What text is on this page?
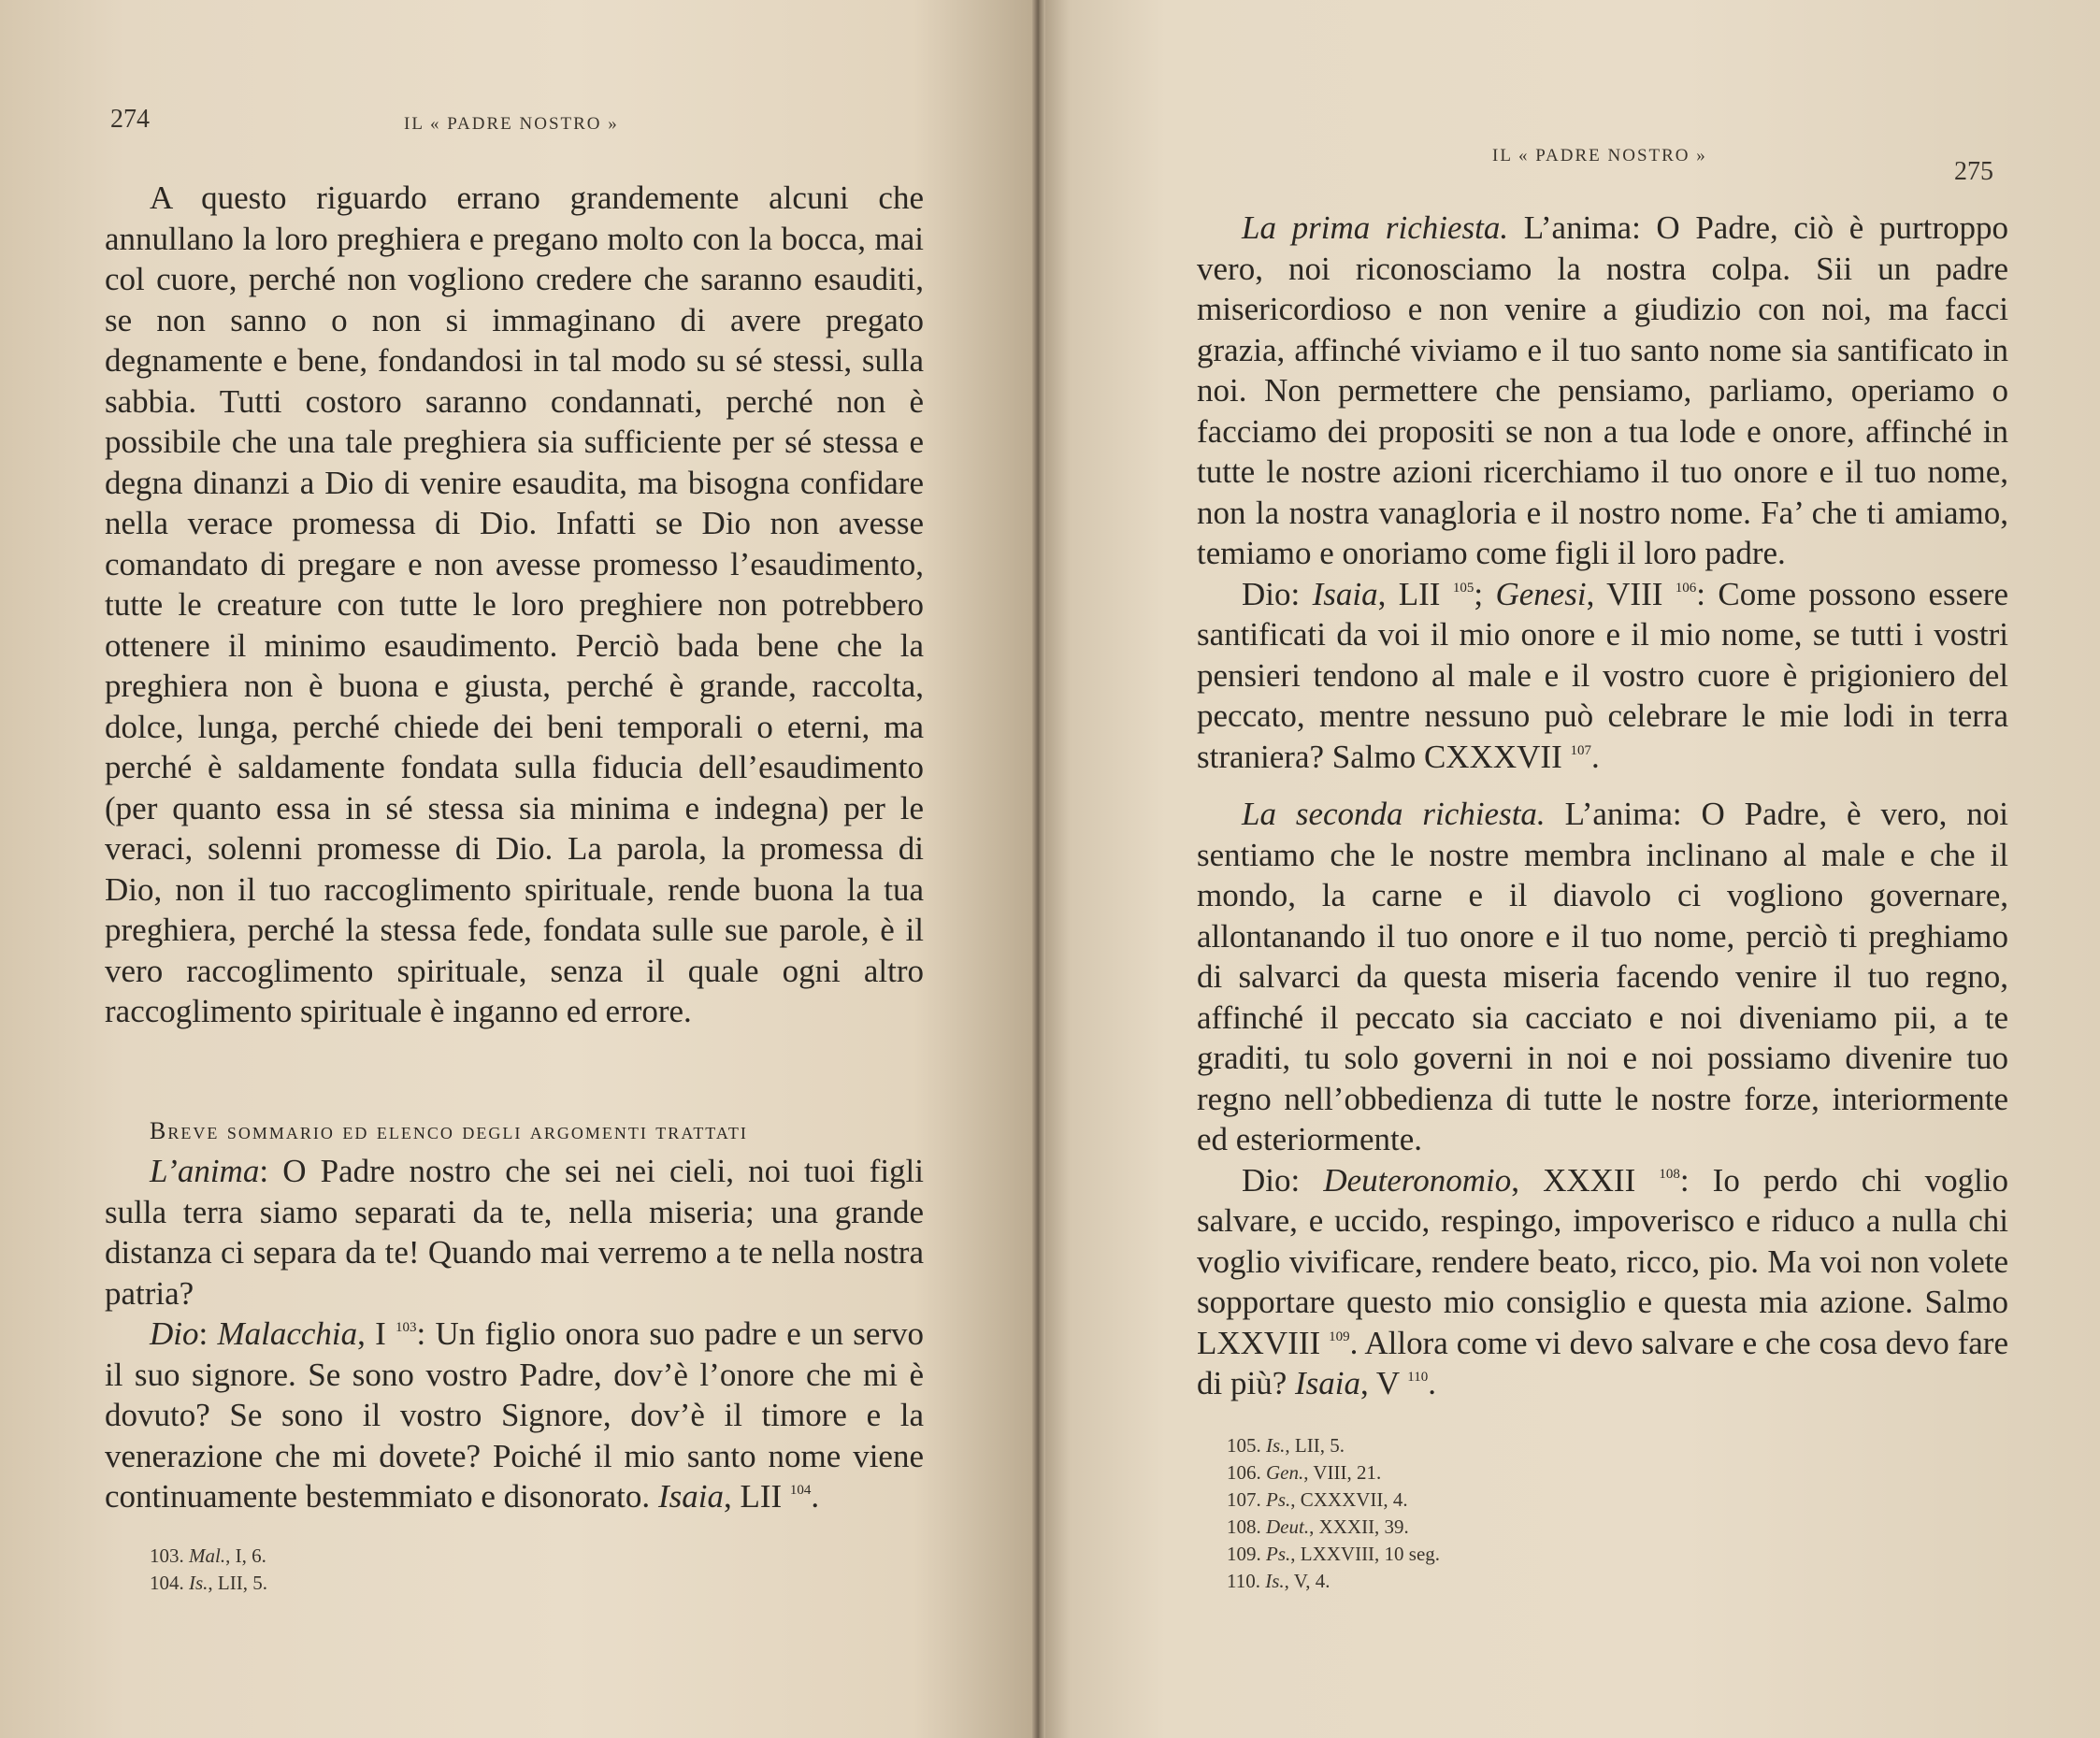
274	IL « PADRE NOSTRO »

A questo riguardo errano grandemente alcuni che annullano la loro preghiera e pregano molto con la bocca, mai col cuore, perché non vogliono credere che saranno esauditi, se non sanno o non si immaginano di avere pregato degnamente e bene, fondandosi in tal modo su sé stessi, sulla sabbia. Tutti costoro saranno condannati, perché non è possibile che una tale preghiera sia sufficiente per sé stessa e degna dinanzi a Dio di venire esaudita, ma bisogna confidare nella verace promessa di Dio. Infatti se Dio non avesse comandato di pregare e non avesse promesso l’esaudimento, tutte le creature con tutte le loro preghiere non potrebbero ottenere il minimo esaudimento. Perciò bada bene che la preghiera non è buona e giusta, perché è grande, raccolta, dolce, lunga, perché chiede dei beni temporali o eterni, ma perché è saldamente fondata sulla fiducia dell’esaudimento (per quanto essa in sé stessa sia minima e indegna) per le veraci, solenni promesse di Dio. La parola, la promessa di Dio, non il tuo raccoglimento spirituale, rende buona la tua preghiera, perché la stessa fede, fondata sulle sue parole, è il vero raccoglimento spirituale, senza il quale ogni altro raccoglimento spirituale è inganno ed errore.

Breve sommario ed elenco degli argomenti trattati

L’anima: O Padre nostro che sei nei cieli, noi tuoi figli sulla terra siamo separati da te, nella miseria; una grande distanza ci separa da te! Quando mai verremo a te nella nostra patria?

Dio: Malacchia, I $^{103}$: Un figlio onora suo padre e un servo il suo signore. Se sono vostro Padre, dov’è l’onore che mi è dovuto? Se sono il vostro Signore, dov’è il timore e la venerazione che mi dovete? Poiché il mio santo nome viene continuamente bestemmiato e disonorato. Isaia, LII $^{104}$.

103. Mal., I, 6.
104. Is., LII, 5.
IL « PADRE NOSTRO »
275

La prima richiesta. L’anima: O Padre, ciò è purtroppo vero, noi riconosciamo la nostra colpa. Sii un padre misericordioso e non venire a giudizio con noi, ma facci grazia, affinché viviamo e il tuo santo nome sia santificato in noi. Non permettere che pensiamo, parliamo, operiamo o facciamo dei propositi se non a tua lode e onore, affinché in tutte le nostre azioni ricerchiamo il tuo onore e il tuo nome, non la nostra vanagloria e il nostro nome. Fa’ che ti amiamo, temiamo e onoriamo come figli il loro padre.

Dio: Isaia, LII $^{105}$; Genesi, VIII $^{106}$: Come possono essere santificati da voi il mio onore e il mio nome, se tutti i vostri pensieri tendono al male e il vostro cuore è prigioniero del peccato, mentre nessuno può celebrare le mie lodi in terra straniera? Salmo CXXXVII $^{107}$.

La seconda richiesta. L’anima: O Padre, è vero, noi sentiamo che le nostre membra inclinano al male e che il mondo, la carne e il diavolo ci vogliono governare, allontanando il tuo onore e il tuo nome, perciò ti preghiamo di salvarci da questa miseria facendo venire il tuo regno, affinché il peccato sia cacciato e noi diveniamo pii, a te graditi, tu solo governi in noi e noi possiamo divenire tuo regno nell’obbedienza di tutte le nostre forze, interiormente ed esteriormente.

Dio: Deuteronomio, XXXII $^{108}$: Io perdo chi voglio salvare, e uccido, respingo, impoverisco e riduco a nulla chi voglio vivificare, rendere beato, ricco, pio. Ma voi non volete sopportare questo mio consiglio e questa mia azione. Salmo LXXVIII $^{109}$. Allora come vi devo salvare e che cosa devo fare di più? Isaia, V $^{110}$.

105. Is., LII, 5.
106. Gen., VIII, 21.
107. Ps., CXXXVII, 4.
108. Deut., XXXII, 39.
109. Ps., LXXVIII, 10 seg.
110. Is., V, 4.
